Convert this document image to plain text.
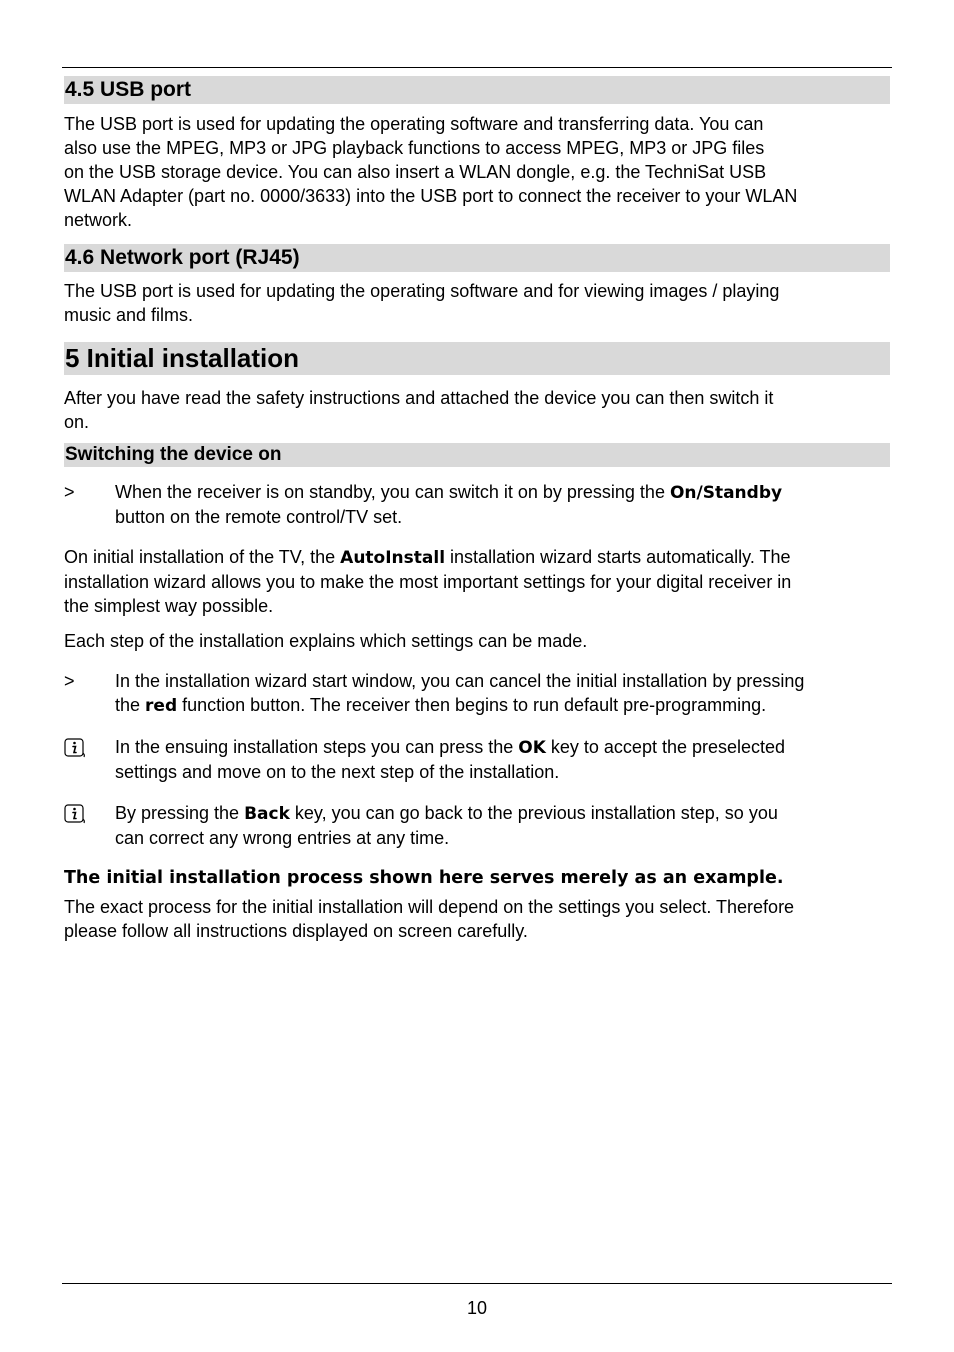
4.5 USB port

The USB port is used for updating the operating software and transferring data. You can
also use the MPEG, MP3 or JPG playback functions to access MPEG, MP3 or JPG files
on the USB storage device. You can also insert a WLAN dongle, e.g. the TechniSat USB
WLAN Adapter (part no. 0000/3633) into the USB port to connect the receiver to your WLAN
network.

4.6 Network port (RJ45)

The USB port is used for updating the operating software and for viewing images / playing
music and films.

5 Initial installation

After you have read the safety instructions and attached the device you can then switch it
on.

Switching the device on
>	When the receiver is on standby, you can switch it on by pressing the On/Standby
button on the remote control/TV set.

On initial installation of the TV, the AutoInstall installation wizard starts automatically. The
installation wizard allows you to make the most important settings for your digital receiver in
the simplest way possible.

Each step of the installation explains which settings can be made.

>	In the installation wizard start window, you can cancel the initial installation by pressing
the red function button. The receiver then begins to run default pre-programming.
In the ensuing installation steps you can press the OK key to accept the preselected
settings and move on to the next step of the installation.
By pressing the Back key, you can go back to the previous installation step, so you
can correct any wrong entries at any time.

The initial installation process shown here serves merely as an example.

The exact process for the initial installation will depend on the settings you select. Therefore
please follow all instructions displayed on screen carefully.

10
